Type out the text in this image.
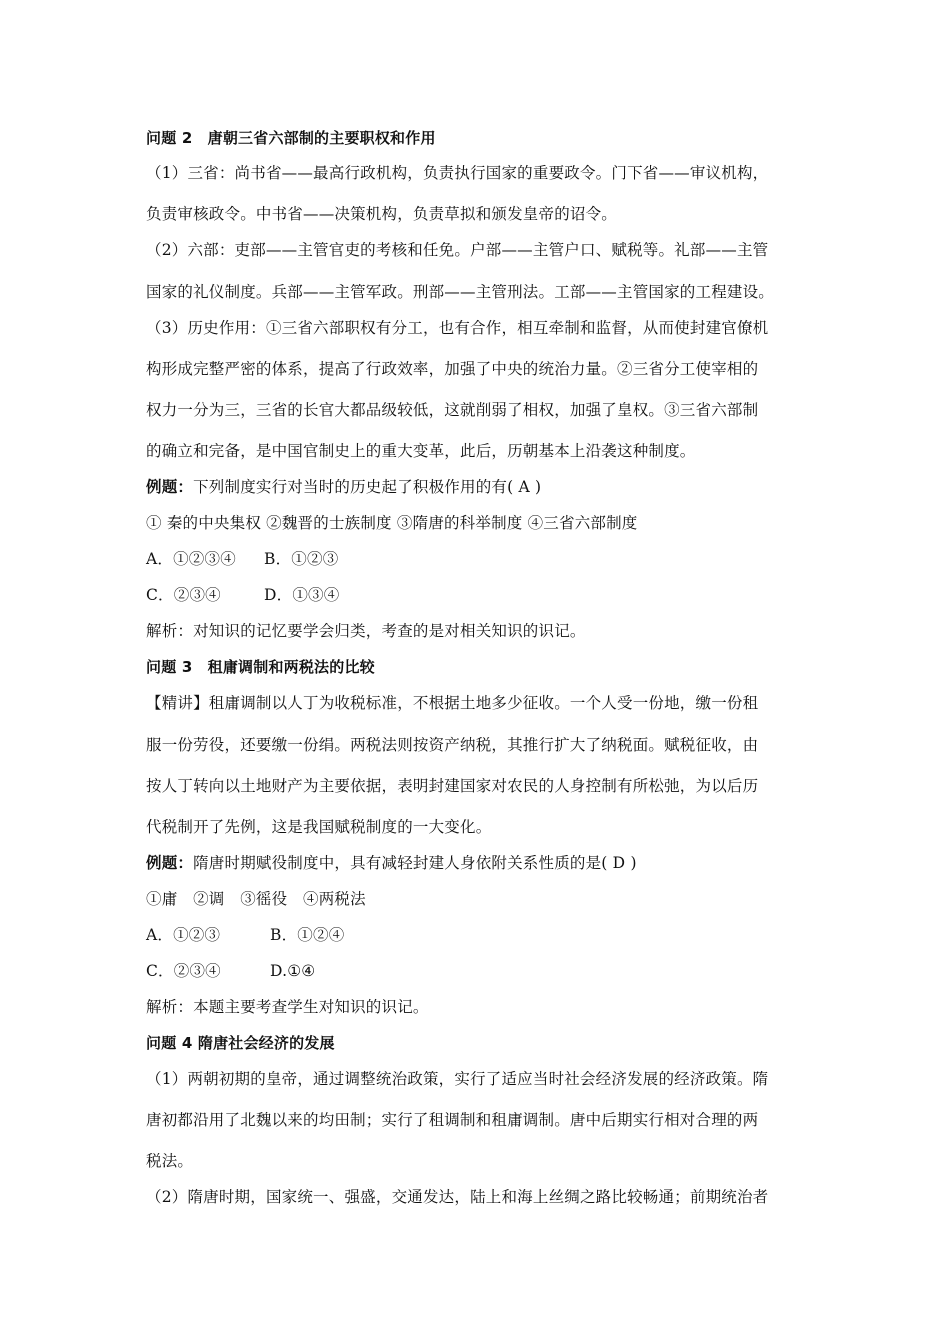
问题 2　唐朝三省六部制的主要职权和作用
（1）三省：尚书省——最高行政机构，负责执行国家的重要政令。门下省——审议机构，
负责审核政令。中书省——决策机构，负责草拟和颁发皇帝的诏令。
（2）六部：吏部——主管官吏的考核和任免。户部——主管户口、赋税等。礼部——主管
国家的礼仪制度。兵部——主管军政。刑部——主管刑法。工部——主管国家的工程建设。
（3）历史作用：①三省六部职权有分工，也有合作，相互牵制和监督，从而使封建官僚机
构形成完整严密的体系，提高了行政效率，加强了中央的统治力量。②三省分工使宰相的
权力一分为三，三省的长官大都品级较低，这就削弱了相权，加强了皇权。③三省六部制
的确立和完备，是中国官制史上的重大变革，此后，历朝基本上沿袭这种制度。
例题：下列制度实行对当时的历史起了积极作用的有( A )
① 秦的中央集权 ②魏晋的士族制度 ③隋唐的科举制度 ④三省六部制度
A．①②③④ B．①②③
C．②③④	D．①③④
解析：对知识的记忆要学会归类，考查的是对相关知识的识记。
问题 3　租庸调制和两税法的比较
【精讲】租庸调制以人丁为收税标准，不根据土地多少征收。一个人受一份地，缴一份租
服一份劳役，还要缴一份绢。两税法则按资产纳税，其推行扩大了纳税面。赋税征收，由
按人丁转向以土地财产为主要依据，表明封建国家对农民的人身控制有所松弛，为以后历
代税制开了先例，这是我国赋税制度的一大变化。
例题：隋唐时期赋役制度中，具有减轻封建人身依附关系性质的是( D )
①庸　②调　③徭役　④两税法
A．①②③	B．①②④
C．②③④	D.①④
解析：本题主要考查学生对知识的识记。
问题 4 隋唐社会经济的发展
（1）两朝初期的皇帝，通过调整统治政策，实行了适应当时社会经济发展的经济政策。隋
唐初都沿用了北魏以来的均田制；实行了租调制和租庸调制。唐中后期实行相对合理的两
税法。
（2）隋唐时期，国家统一、强盛，交通发达，陆上和海上丝绸之路比较畅通；前期统治者
